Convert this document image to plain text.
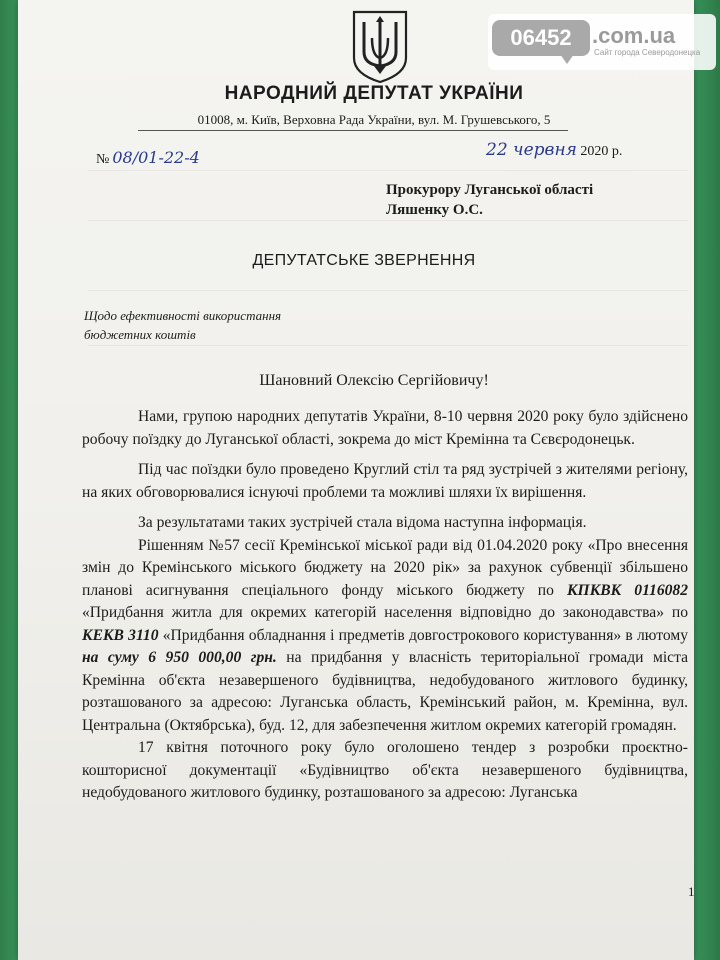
НАРОДНИЙ ДЕПУТАТ УКРАЇНИ
01008, м. Київ, Верховна Рада України, вул. М. Грушевського, 5
№ 08/01-22-4	22 червня 2020 р.
Прокурору Луганської області
Ляшенку О.С.
ДЕПУТАТСЬКЕ ЗВЕРНЕННЯ
Щодо ефективності використання
бюджетних коштів
Шановний Олексію Сергійовичу!

Нами, групою народних депутатів України, 8-10 червня 2020 року було здійснено робочу поїздку до Луганської області, зокрема до міст Кремінна та Сєвєродонецьк.

Під час поїздки було проведено Круглий стіл та ряд зустрічей з жителями регіону, на яких обговорювалися існуючі проблеми та можливі шляхи їх вирішення.

За результатами таких зустрічей стала відома наступна інформація.

Рішенням №57 сесії Кремінської міської ради від 01.04.2020 року «Про внесення змін до Кремінського міського бюджету на 2020 рік» за рахунок субвенції збільшено планові асигнування спеціального фонду міського бюджету по КПКВК 0116082 «Придбання житла для окремих категорій населення відповідно до законодавства» по КЕКВ 3110 «Придбання обладнання і предметів довгострокового користування» в лютому на суму 6 950 000,00 грн. на придбання у власність територіальної громади міста Кремінна об'єкта незавершеного будівництва, недобудованого житлового будинку, розташованого за адресою: Луганська область, Кремінський район, м. Кремінна, вул. Центральна (Октябрська), буд. 12, для забезпечення житлом окремих категорій громадян.

17 квітня поточного року було оголошено тендер з розробки проєктно-кошторисної документації «Будівництво об'єкта незавершеного будівництва, недобудованого житлового будинку, розташованого за адресою: Луганська

1
06452 .com.ua
Сайт города Северодонецка
